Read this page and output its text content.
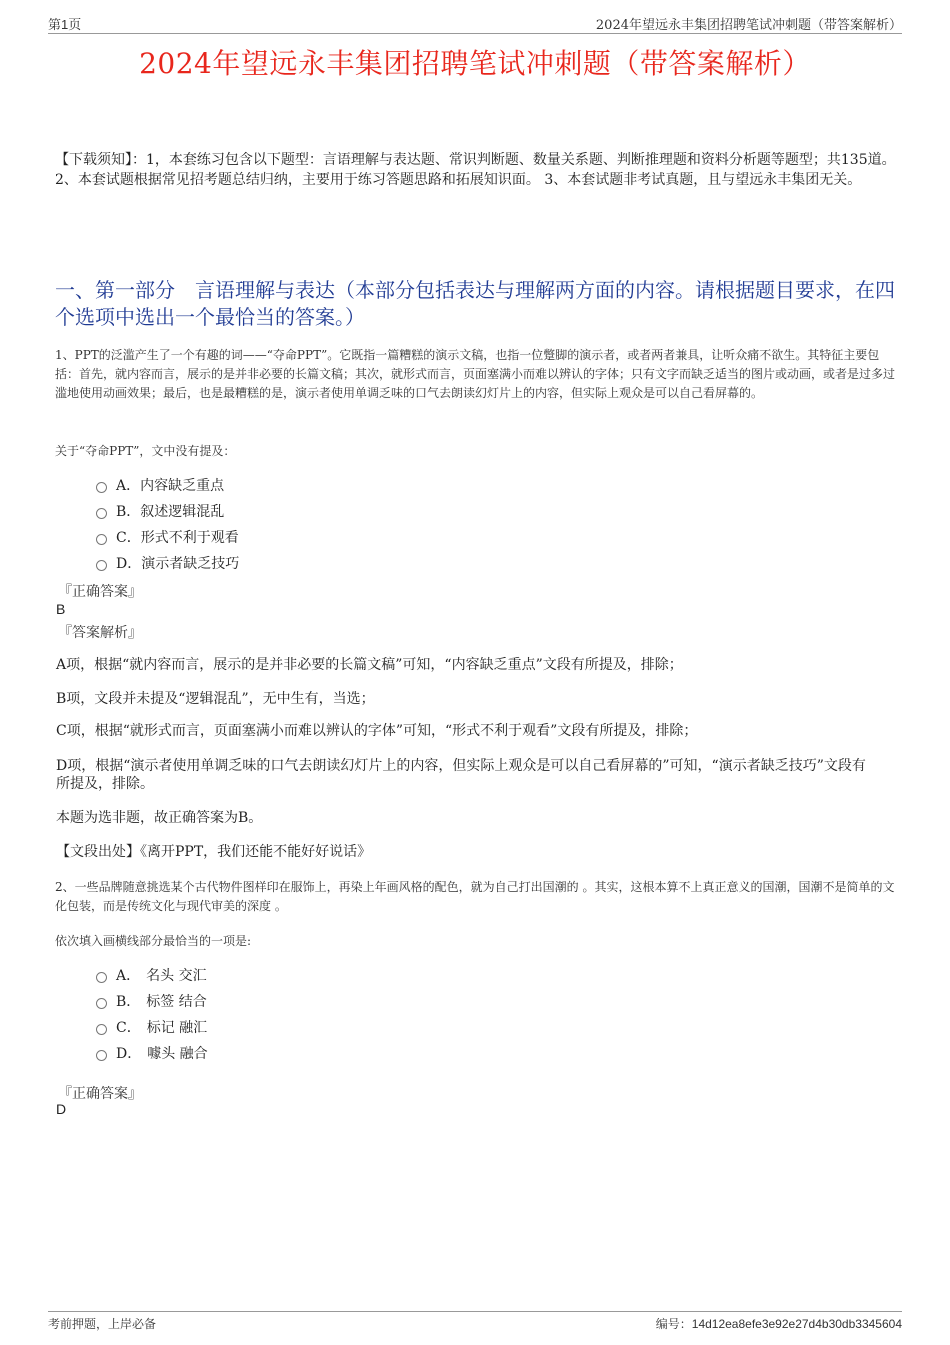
第1页	2024年望远永丰集团招聘笔试冲刺题（带答案解析）
2024年望远永丰集团招聘笔试冲刺题（带答案解析）
【下载须知】：1，本套练习包含以下题型：言语理解与表达题、常识判断题、数量关系题、判断推理题和资料分析题等题型；共135道。 2、本套试题根据常见招考题总结归纳，主要用于练习答题思路和拓展知识面。 3、本套试题非考试真题，且与望远永丰集团无关。
一、第一部分　言语理解与表达（本部分包括表达与理解两方面的内容。请根据题目要求，在四个选项中选出一个最恰当的答案。）
1、PPT的泛滥产生了一个有趣的词——“夺命PPT”。它既指一篇糟糕的演示文稿，也指一位蹩脚的演示者，或者两者兼具，让听众痛不欲生。其特征主要包括：首先，就内容而言，展示的是并非必要的长篇文稿；其次，就形式而言，页面塞满小而难以辨认的字体；只有文字而缺乏适当的图片或动画，或者是过多过滥地使用动画效果；最后，也是最糟糕的是，演示者使用单调乏味的口气去朗读幻灯片上的内容，但实际上观众是可以自己看屏幕的。
关于“夺命PPT”，文中没有提及：
A． 内容缺乏重点
B． 叙述逻辑混乱
C． 形式不利于观看
D． 演示者缺乏技巧
『正确答案』
B
『答案解析』
A项，根据“就内容而言，展示的是并非必要的长篇文稿”可知，“内容缺乏重点”文段有所提及，排除；
B项，文段并未提及“逻辑混乱”，无中生有，当选；
C项，根据“就形式而言，页面塞满小而难以辨认的字体”可知，“形式不利于观看”文段有所提及，排除；
D项，根据“演示者使用单调乏味的口气去朗读幻灯片上的内容，但实际上观众是可以自己看屏幕的”可知，“演示者缺乏技巧”文段有所提及，排除。
本题为选非题，故正确答案为B。
【文段出处】《离开PPT，我们还能不能好好说话》
2、一些品牌随意挑选某个古代物件图样印在服饰上，再染上年画风格的配色，就为自己打出国潮的 。其实，这根本算不上真正意义的国潮，国潮不是简单的文化包装，而是传统文化与现代审美的深度 。
依次填入画横线部分最恰当的一项是:
A． 名头 交汇
B． 标签 结合
C． 标记 融汇
D． 噱头 融合
『正确答案』
D
考前押题，上岸必备	编号：14d12ea8efe3e92e27d4b30db3345604
